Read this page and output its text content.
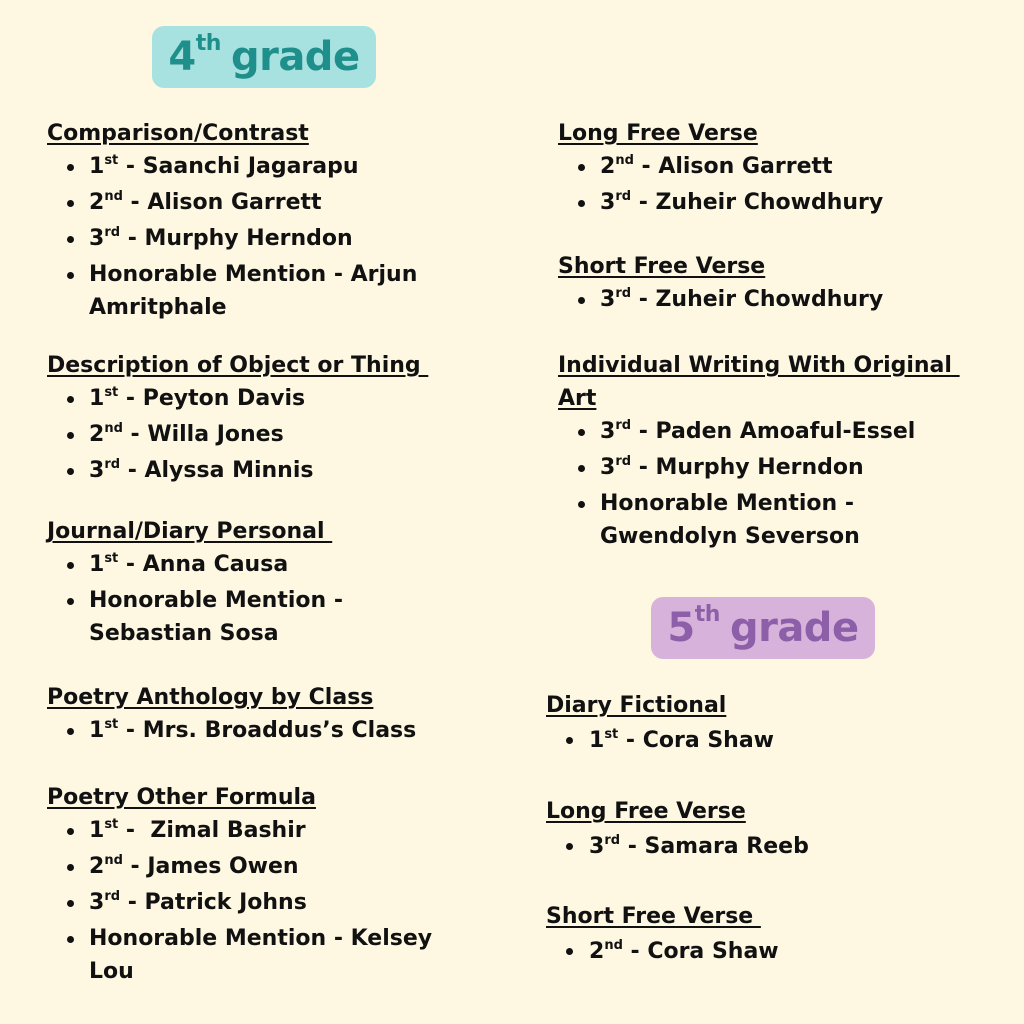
4th grade
5th grade
Comparison/Contrast
1st - Saanchi Jagarapu
2nd - Alison Garrett
3rd - Murphy Herndon
Honorable Mention - Arjun Amritphale
Description of Object or Thing
1st - Peyton Davis
2nd - Willa Jones
3rd - Alyssa Minnis
Journal/Diary Personal
1st - Anna Causa
Honorable Mention - Sebastian Sosa
Poetry Anthology by Class
1st - Mrs. Broaddus’s Class
Poetry Other Formula
1st -  Zimal Bashir
2nd - James Owen
3rd - Patrick Johns
Honorable Mention - Kelsey Lou
Long Free Verse
2nd - Alison Garrett
3rd - Zuheir Chowdhury
Short Free Verse
3rd - Zuheir Chowdhury
Individual Writing With Original Art
3rd - Paden Amoaful-Essel
3rd - Murphy Herndon
Honorable Mention - Gwendolyn Severson
Diary Fictional
1st - Cora Shaw
Long Free Verse
3rd - Samara Reeb
Short Free Verse
2nd - Cora Shaw
